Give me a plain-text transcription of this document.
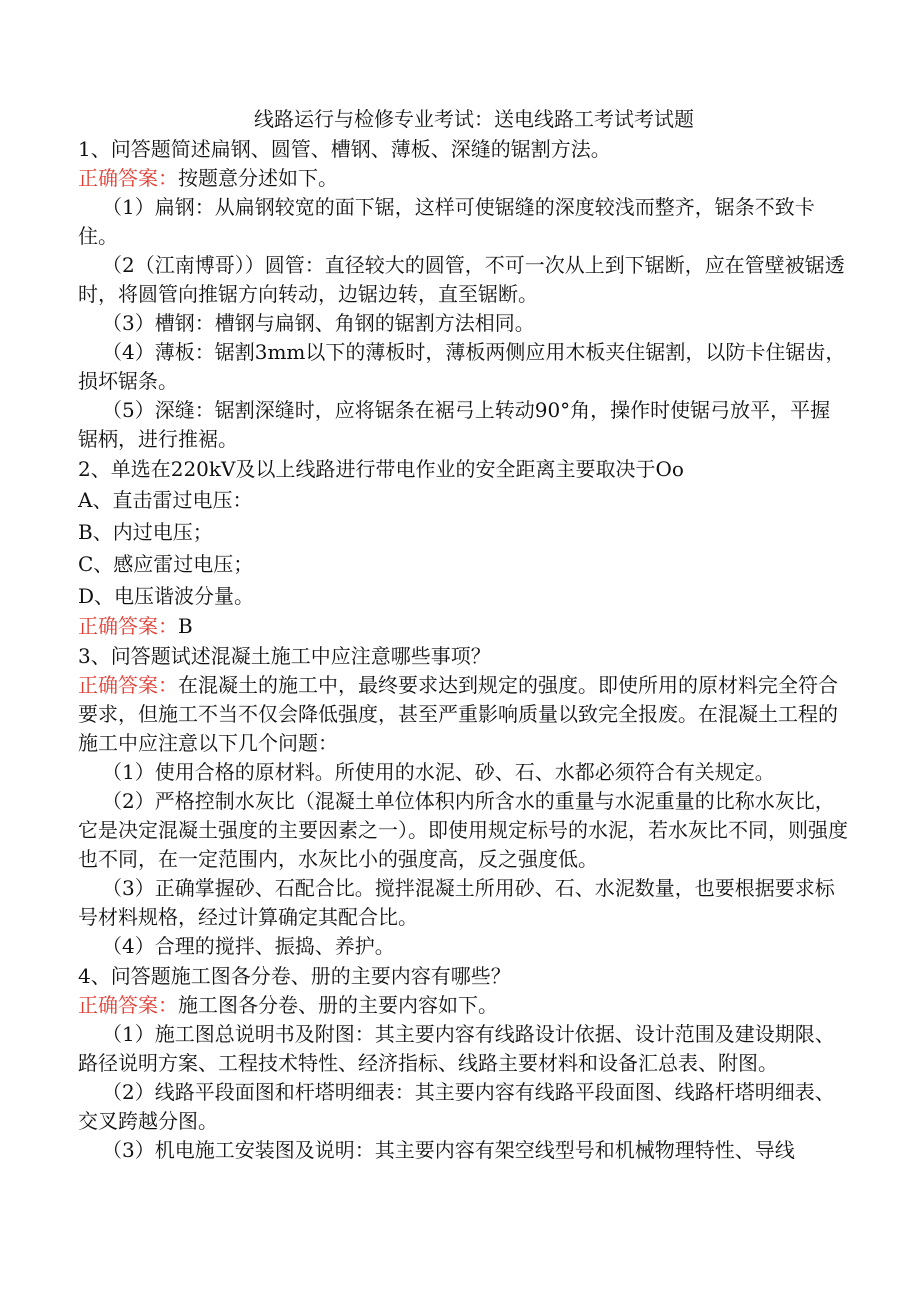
线路运行与检修专业考试：送电线路工考试考试题
1、问答题简述扁钢、圆管、槽钢、薄板、深缝的锯割方法。
正确答案：按题意分述如下。

（1）扁钢：从扁钢较宽的面下锯，这样可使锯缝的深度较浅而整齐，锯条不致卡住。

（2（江南博哥））圆管：直径较大的圆管，不可一次从上到下锯断，应在管壁被锯透时，将圆管向推锯方向转动，边锯边转，直至锯断。

（3）槽钢：槽钢与扁钢、角钢的锯割方法相同。

（4）薄板：锯割3mm以下的薄板时，薄板两侧应用木板夹住锯割，以防卡住锯齿，损坏锯条。

（5）深缝：锯割深缝时，应将锯条在裾弓上转动90°角，操作时使锯弓放平，平握锯柄，进行推裾。

2、单选在220kV及以上线路进行带电作业的安全距离主要取决于Oo
A、直击雷过电压：
B、内过电压；
C、感应雷过电压；
D、电压谐波分量。
正确答案：B
3、问答题试述混凝土施工中应注意哪些事项？

正确答案：在混凝土的施工中，最终要求达到规定的强度。即使所用的原材料完全符合要求，但施工不当不仅会降低强度，甚至严重影响质量以致完全报废。在混凝土工程的施工中应注意以下几个问题：

（1）使用合格的原材料。所使用的水泥、砂、石、水都必须符合有关规定。

（2）严格控制水灰比（混凝土单位体积内所含水的重量与水泥重量的比称水灰比，它是决定混凝土强度的主要因素之一）。即使用规定标号的水泥，若水灰比不同，则强度也不同，在一定范围内，水灰比小的强度高，反之强度低。

（3）正确掌握砂、石配合比。搅拌混凝土所用砂、石、水泥数量，也要根据要求标号材料规格，经过计算确定其配合比。

（4）合理的搅拌、振捣、养护。

4、问答题施工图各分卷、册的主要内容有哪些？
正确答案：施工图各分卷、册的主要内容如下。

（1）施工图总说明书及附图：其主要内容有线路设计依据、设计范围及建设期限、路径说明方案、工程技术特性、经济指标、线路主要材料和设备汇总表、附图。

（2）线路平段面图和杆塔明细表：其主要内容有线路平段面图、线路杆塔明细表、交叉跨越分图。

（3）机电施工安装图及说明：其主要内容有架空线型号和机械物理特性、导线
